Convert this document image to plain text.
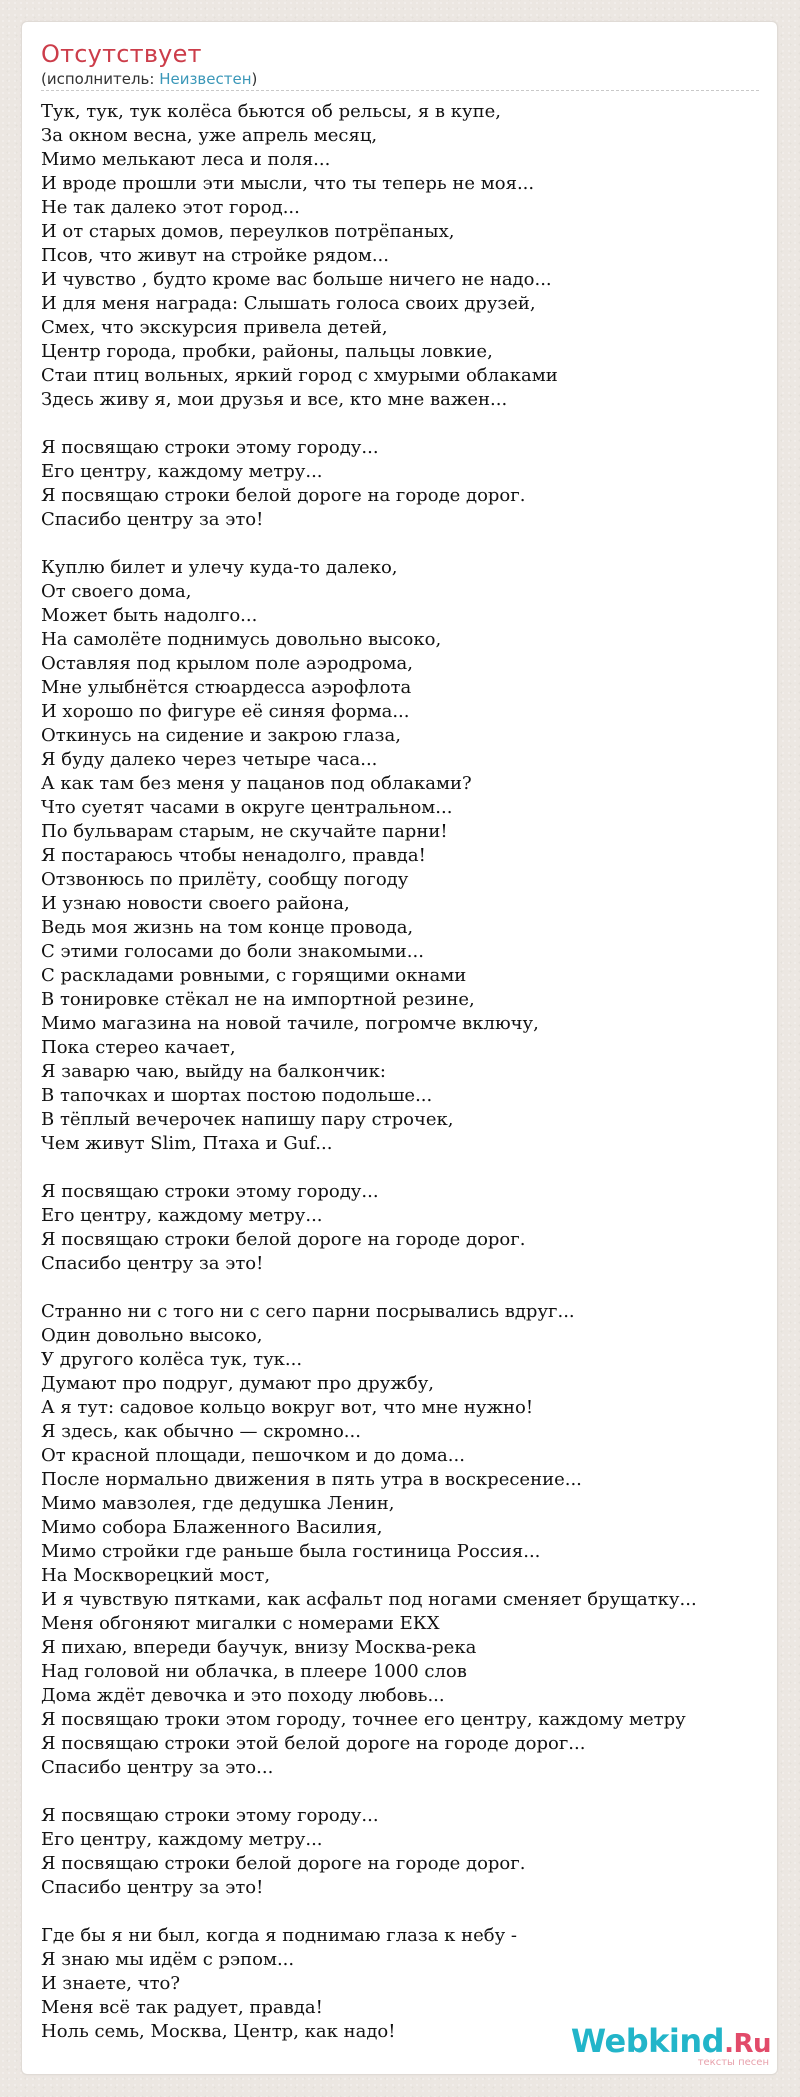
Отсутствует
(исполнитель: Неизвестен)
Тук, тук, тук колёса бьются об рельсы, я в купе,
За окном весна, уже апрель месяц,
Мимо мелькают леса и поля...
И вроде прошли эти мысли, что ты теперь не моя...
Не так далеко этот город...
И от старых домов, переулков потрёпаных,
Псов, что живут на стройке рядом...
И чувство , будто кроме вас больше ничего не надо...
И для меня награда: Слышать голоса своих друзей,
Смех, что экскурсия привела детей,
Центр города, пробки, районы, пальцы ловкие,
Стаи птиц вольных, яркий город с хмурыми облаками
Здесь живу я, мои друзья и все, кто мне важен...
Я посвящаю строки этому городу...
Его центру, каждому метру...
Я посвящаю строки белой дороге на городе дорог.
Спасибо центру за это!
Куплю билет и улечу куда-то далеко,
От своего дома,
Может быть надолго...
На самолёте поднимусь довольно высоко,
Оставляя под крылом поле аэродрома,
Мне улыбнётся стюардесса аэрофлота
И хорошо по фигуре её синяя форма...
Откинусь на сидение и закрою глаза,
Я буду далеко через четыре часа...
А как там без меня у пацанов под облаками?
Что суетят часами в округе центральном...
По бульварам старым, не скучайте парни!
Я постараюсь чтобы ненадолго, правда!
Отзвонюсь по прилёту, сообщу погоду
И узнаю новости своего района,
Ведь моя жизнь на том конце провода,
С этими голосами до боли знакомыми...
С раскладами ровными, с горящими окнами
В тонировке стёкал не на импортной резине,
Мимо магазина на новой тачиле, погромче включу,
Пока стерео качает,
Я заварю чаю, выйду на балкончик:
В тапочках и шортах постою подольше...
В тёплый вечерочек напишу пару строчек,
Чем живут Slim, Птаха и Guf...
Я посвящаю строки этому городу...
Его центру, каждому метру...
Я посвящаю строки белой дороге на городе дорог.
Спасибо центру за это!
Странно ни с того ни с сего парни посрывались вдруг...
Один довольно высоко,
У другого колёса тук, тук...
Думают про подруг, думают про дружбу,
А я тут: садовое кольцо вокруг вот, что мне нужно!
Я здесь, как обычно — скромно...
От красной площади, пешочком и до дома...
После нормально движения в пять утра в воскресение...
Мимо мавзолея, где дедушка Ленин,
Мимо собора Блаженного Василия,
Мимо стройки где раньше была гостиница Россия...
На Москворецкий мост,
И я чувствую пятками, как асфальт под ногами сменяет брущатку...
Меня обгоняют мигалки с номерами ЕКХ
Я пихаю, впереди баучук, внизу Москва-река
Над головой ни облачка, в плеере 1000 слов
Дома ждёт девочка и это походу любовь...
Я посвящаю троки этом городу, точнее его центру, каждому метру
Я посвящаю строки этой белой дороге на городе дорог...
Спасибо центру за это...
Я посвящаю строки этому городу...
Его центру, каждому метру...
Я посвящаю строки белой дороге на городе дорог.
Спасибо центру за это!
Где бы я ни был, когда я поднимаю глаза к небу -
Я знаю мы идём с рэпом...
И знаете, что?
Меня всё так радует, правда!
Ноль семь, Москва, Центр, как надо!	Webkind.Ru
тексты песен
